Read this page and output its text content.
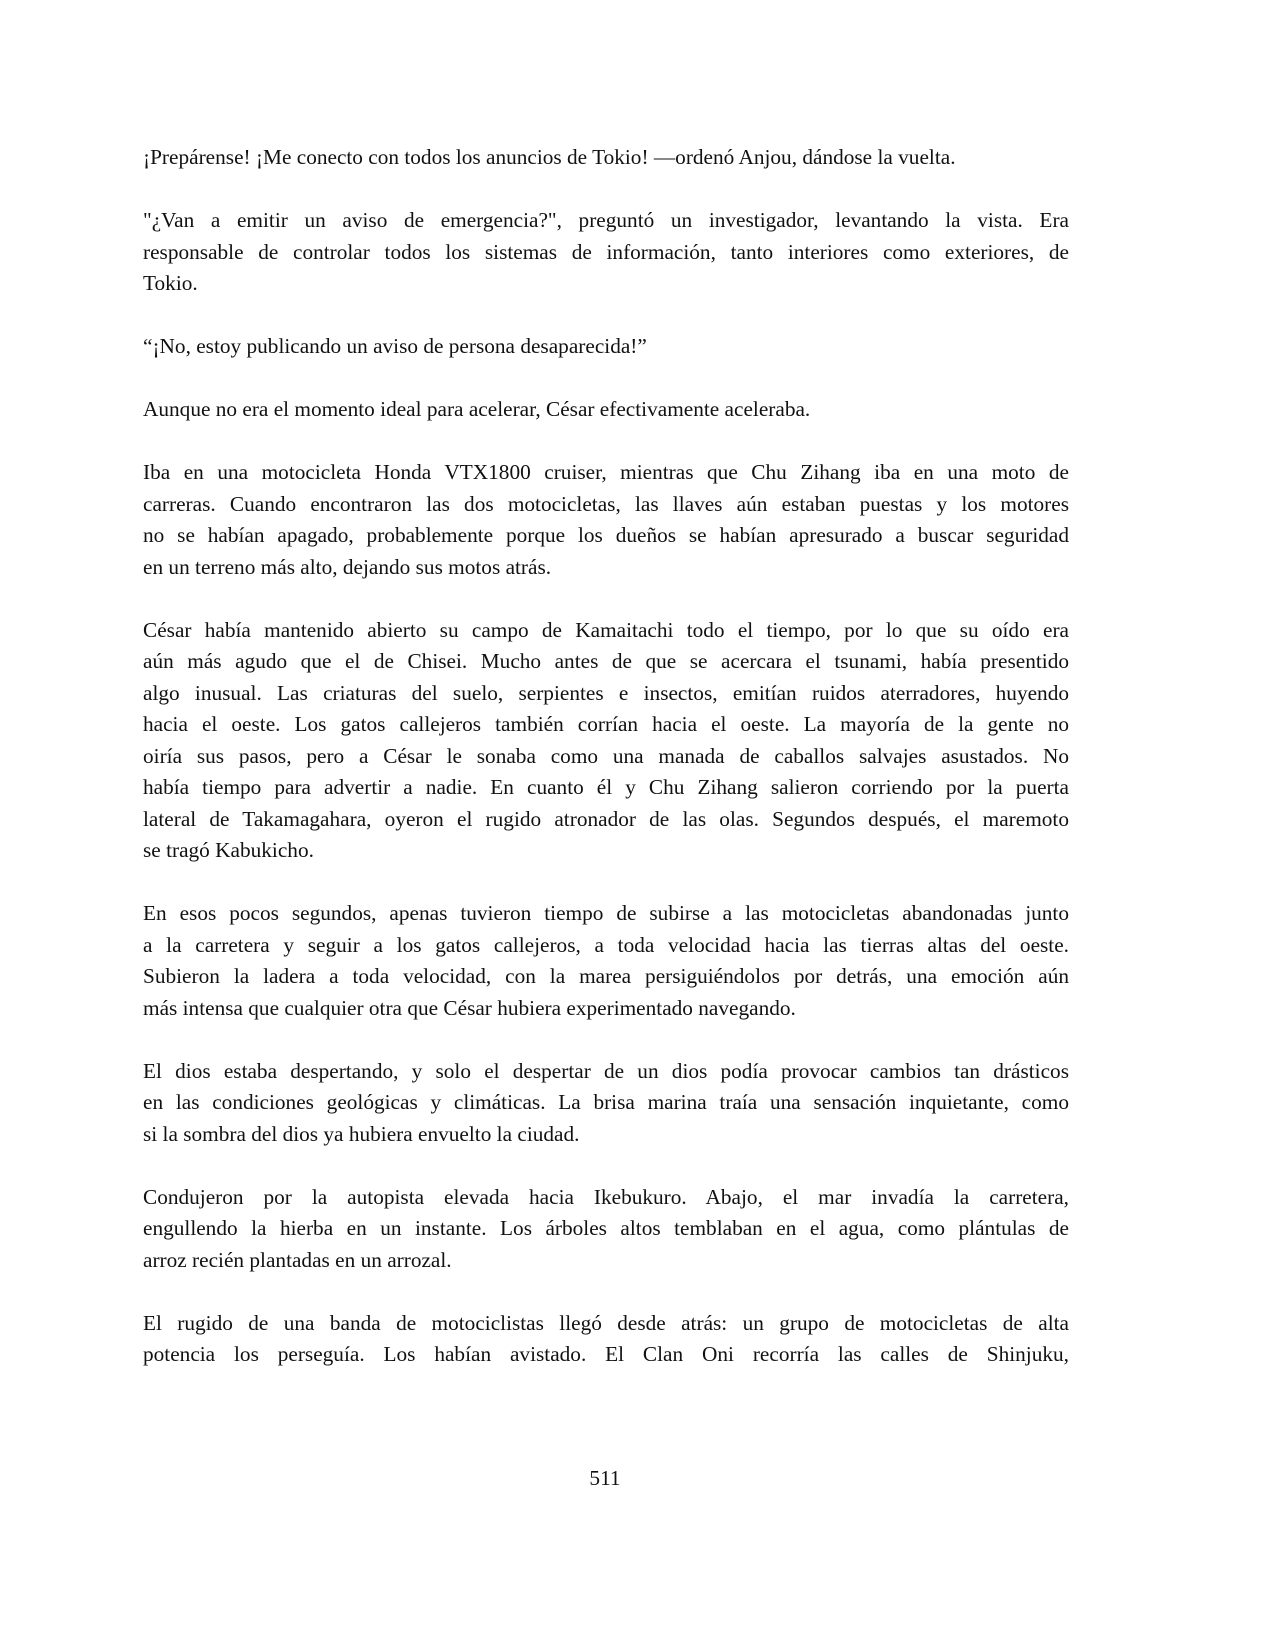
¡Prepárense! ¡Me conecto con todos los anuncios de Tokio! —ordenó Anjou, dándose la vuelta.
"¿Van a emitir un aviso de emergencia?", preguntó un investigador, levantando la vista. Era
responsable de controlar todos los sistemas de información, tanto interiores como exteriores, de
Tokio.
“¡No, estoy publicando un aviso de persona desaparecida!”
Aunque no era el momento ideal para acelerar, César efectivamente aceleraba.
Iba en una motocicleta Honda VTX1800 cruiser, mientras que Chu Zihang iba en una moto de
carreras. Cuando encontraron las dos motocicletas, las llaves aún estaban puestas y los motores
no se habían apagado, probablemente porque los dueños se habían apresurado a buscar seguridad
en un terreno más alto, dejando sus motos atrás.
César había mantenido abierto su campo de Kamaitachi todo el tiempo, por lo que su oído era
aún más agudo que el de Chisei. Mucho antes de que se acercara el tsunami, había presentido
algo inusual. Las criaturas del suelo, serpientes e insectos, emitían ruidos aterradores, huyendo
hacia el oeste. Los gatos callejeros también corrían hacia el oeste. La mayoría de la gente no
oiría sus pasos, pero a César le sonaba como una manada de caballos salvajes asustados. No
había tiempo para advertir a nadie. En cuanto él y Chu Zihang salieron corriendo por la puerta
lateral de Takamagahara, oyeron el rugido atronador de las olas. Segundos después, el maremoto
se tragó Kabukicho.
En esos pocos segundos, apenas tuvieron tiempo de subirse a las motocicletas abandonadas junto
a la carretera y seguir a los gatos callejeros, a toda velocidad hacia las tierras altas del oeste.
Subieron la ladera a toda velocidad, con la marea persiguiéndolos por detrás, una emoción aún
más intensa que cualquier otra que César hubiera experimentado navegando.
El dios estaba despertando, y solo el despertar de un dios podía provocar cambios tan drásticos
en las condiciones geológicas y climáticas. La brisa marina traía una sensación inquietante, como
si la sombra del dios ya hubiera envuelto la ciudad.
Condujeron por la autopista elevada hacia Ikebukuro. Abajo, el mar invadía la carretera,
engullendo la hierba en un instante. Los árboles altos temblaban en el agua, como plántulas de
arroz recién plantadas en un arrozal.
El rugido de una banda de motociclistas llegó desde atrás: un grupo de motocicletas de alta
potencia los perseguía. Los habían avistado. El Clan Oni recorría las calles de Shinjuku,
511
